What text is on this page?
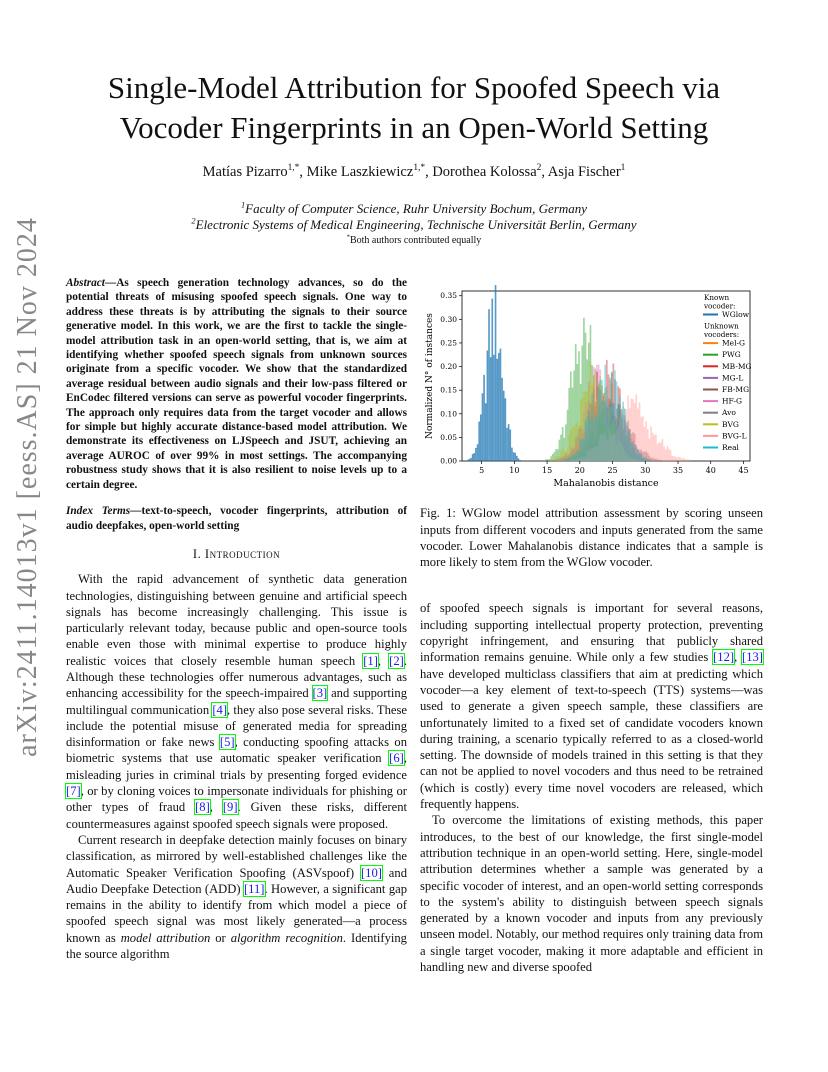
arXiv:2411.14013v1 [eess.AS] 21 Nov 2024
Single-Model Attribution for Spoofed Speech via Vocoder Fingerprints in an Open-World Setting
Matías Pizarro$^{1,*}$, Mike Laszkiewicz$^{1,*}$, Dorothea Kolossa$^2$, Asja Fischer$^1$
$^1$Faculty of Computer Science, Ruhr University Bochum, Germany
$^2$Electronic Systems of Medical Engineering, Technische Universität Berlin, Germany
*Both authors contributed equally

Abstract—As speech generation technology advances, so do the potential threats of misusing spoofed speech signals. One way to address these threats is by attributing the signals to their source generative model. In this work, we are the first to tackle the single-model attribution task in an open-world setting, that is, we aim at identifying whether spoofed speech signals from unknown sources originate from a specific vocoder. We show that the standardized average residual between audio signals and their low-pass filtered or EnCodec filtered versions can serve as powerful vocoder fingerprints. The approach only requires data from the target vocoder and allows for simple but highly accurate distance-based model attribution. We demonstrate its effectiveness on LJSpeech and JSUT, achieving an average AUROC of over 99% in most settings. The accompanying robustness study shows that it is also resilient to noise levels up to a certain degree.

Index Terms—text-to-speech, vocoder fingerprints, attribution of audio deepfakes, open-world setting

I. Introduction

With the rapid advancement of synthetic data generation technologies, distinguishing between genuine and artificial speech signals has become increasingly challenging. This issue is particularly relevant today, because public and open-source tools enable even those with minimal expertise to produce highly realistic voices that closely resemble human speech [1], [2]. Although these technologies offer numerous advantages, such as enhancing accessibility for the speech-impaired [3] and supporting multilingual communication [4], they also pose several risks. These include the potential misuse of generated media for spreading disinformation or fake news [5], conducting spoofing attacks on biometric systems that use automatic speaker verification [6], misleading juries in criminal trials by presenting forged evidence [7], or by cloning voices to impersonate individuals for phishing or other types of fraud [8], [9]. Given these risks, different countermeasures against spoofed speech signals were proposed.

Current research in deepfake detection mainly focuses on binary classification, as mirrored by well-established challenges like the Automatic Speaker Verification Spoofing (ASVspoof) [10] and Audio Deepfake Detection (ADD) [11]. However, a significant gap remains in the ability to identify from which model a piece of spoofed speech signal was most likely generated—a process known as model attribution or algorithm recognition. Identifying the source algorithm

5	10	15	20	25	30	35	40	45
0.00
0.05
0.10
0.15
0.20
0.25
0.30
0.35
Mahalanobis distance
Normalized N° of instances
Known
vocoder:
WGlow
Unknown
vocoders:
Mel-G
PWG
MB-MG
MG-L
FB-MG
HF-G
Avo
BVG
BVG-L
Real
Fig. 1: WGlow model attribution assessment by scoring unseen inputs from different vocoders and inputs generated from the same vocoder. Lower Mahalanobis distance indicates that a sample is more likely to stem from the WGlow vocoder.

of spoofed speech signals is important for several reasons, including supporting intellectual property protection, preventing copyright infringement, and ensuring that publicly shared information remains genuine. While only a few studies [12], [13] have developed multiclass classifiers that aim at predicting which vocoder—a key element of text-to-speech (TTS) systems—was used to generate a given speech sample, these classifiers are unfortunately limited to a fixed set of candidate vocoders known during training, a scenario typically referred to as a closed-world setting. The downside of models trained in this setting is that they can not be applied to novel vocoders and thus need to be retrained (which is costly) every time novel vocoders are released, which frequently happens.

To overcome the limitations of existing methods, this paper introduces, to the best of our knowledge, the first single-model attribution technique in an open-world setting. Here, single-model attribution determines whether a sample was generated by a specific vocoder of interest, and an open-world setting corresponds to the system's ability to distinguish between speech signals generated by a known vocoder and inputs from any previously unseen model. Notably, our method requires only training data from a single target vocoder, making it more adaptable and efficient in handling new and diverse spoofed
